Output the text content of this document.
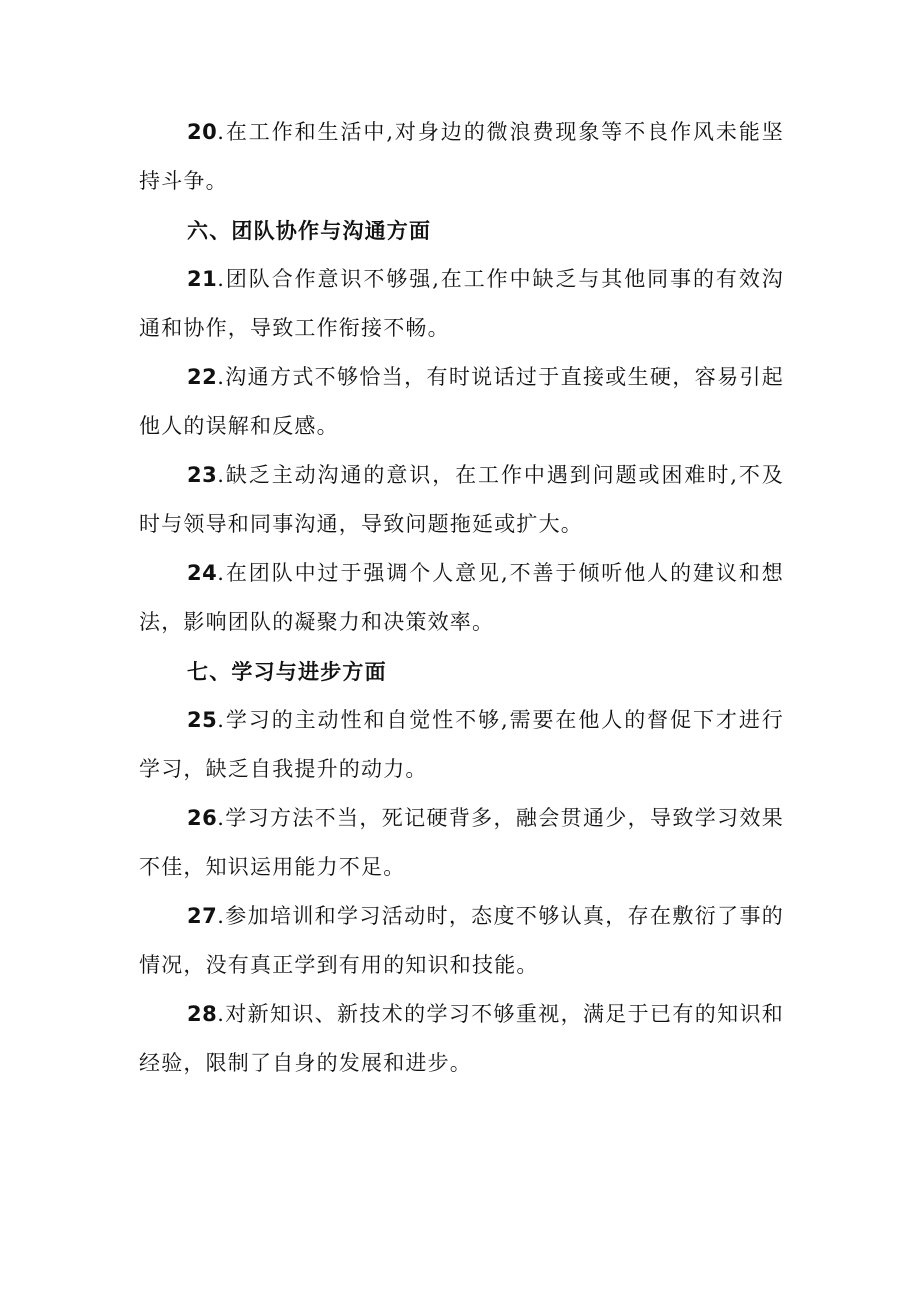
20.在工作和生活中,对身边的微浪费现象等不良作风未能坚持斗争。

六、团队协作与沟通方面

21.团队合作意识不够强,在工作中缺乏与其他同事的有效沟通和协作，导致工作衔接不畅。

22.沟通方式不够恰当，有时说话过于直接或生硬，容易引起他人的误解和反感。

23.缺乏主动沟通的意识，在工作中遇到问题或困难时,不及时与领导和同事沟通，导致问题拖延或扩大。

24.在团队中过于强调个人意见,不善于倾听他人的建议和想法，影响团队的凝聚力和决策效率。

七、学习与进步方面

25.学习的主动性和自觉性不够,需要在他人的督促下才进行学习，缺乏自我提升的动力。

26.学习方法不当，死记硬背多，融会贯通少，导致学习效果不佳，知识运用能力不足。

27.参加培训和学习活动时，态度不够认真，存在敷衍了事的情况，没有真正学到有用的知识和技能。

28.对新知识、新技术的学习不够重视，满足于已有的知识和经验，限制了自身的发展和进步。
